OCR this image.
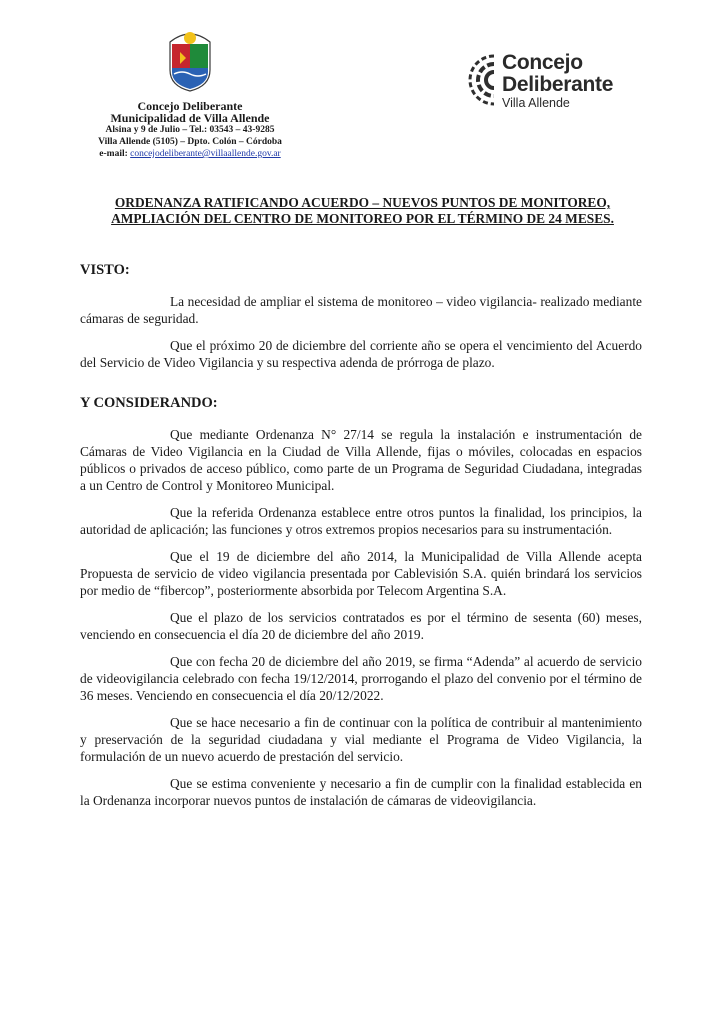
Concejo Deliberante
Municipalidad de Villa Allende
Alsina y 9 de Julio – Tel.: 03543 – 43-9285
Villa Allende (5105) – Dpto. Colón – Córdoba
e-mail: concejodeliberante@villaallende.gov.ar
Concejo
Deliberante
Villa Allende
ORDENANZA RATIFICANDO ACUERDO – NUEVOS PUNTOS DE MONITOREO, AMPLIACIÓN DEL CENTRO DE MONITOREO POR EL TÉRMINO DE 24 MESES.
VISTO:

La necesidad de ampliar el sistema de monitoreo – video vigilancia- realizado mediante cámaras de seguridad.

Que el próximo 20 de diciembre del corriente año se opera el vencimiento del Acuerdo del Servicio de Video Vigilancia y su respectiva adenda de prórroga de plazo.

Y CONSIDERANDO:

Que mediante Ordenanza N° 27/14 se regula la instalación e instrumentación de Cámaras de Video Vigilancia en la Ciudad de Villa Allende, fijas o móviles, colocadas en espacios públicos o privados de acceso público, como parte de un Programa de Seguridad Ciudadana, integradas a un Centro de Control y Monitoreo Municipal.

Que la referida Ordenanza establece entre otros puntos la finalidad, los principios, la autoridad de aplicación; las funciones y otros extremos propios necesarios para su instrumentación.

Que el 19 de diciembre del año 2014, la Municipalidad de Villa Allende acepta Propuesta de servicio de video vigilancia presentada por Cablevisión S.A. quién brindará los servicios por medio de “fibercop”, posteriormente absorbida por Telecom Argentina S.A.

Que el plazo de los servicios contratados es por el término de sesenta (60) meses, venciendo en consecuencia el día 20 de diciembre del año 2019.

Que con fecha 20 de diciembre del año 2019, se firma “Adenda” al acuerdo de servicio de videovigilancia celebrado con fecha 19/12/2014, prorrogando el plazo del convenio por el término de 36 meses. Venciendo en consecuencia el día 20/12/2022.

Que se hace necesario a fin de continuar con la política de contribuir al mantenimiento y preservación de la seguridad ciudadana y vial mediante el Programa de Video Vigilancia, la formulación de un nuevo acuerdo de prestación del servicio.

Que se estima conveniente y necesario a fin de cumplir con la finalidad establecida en la Ordenanza incorporar nuevos puntos de instalación de cámaras de videovigilancia.
